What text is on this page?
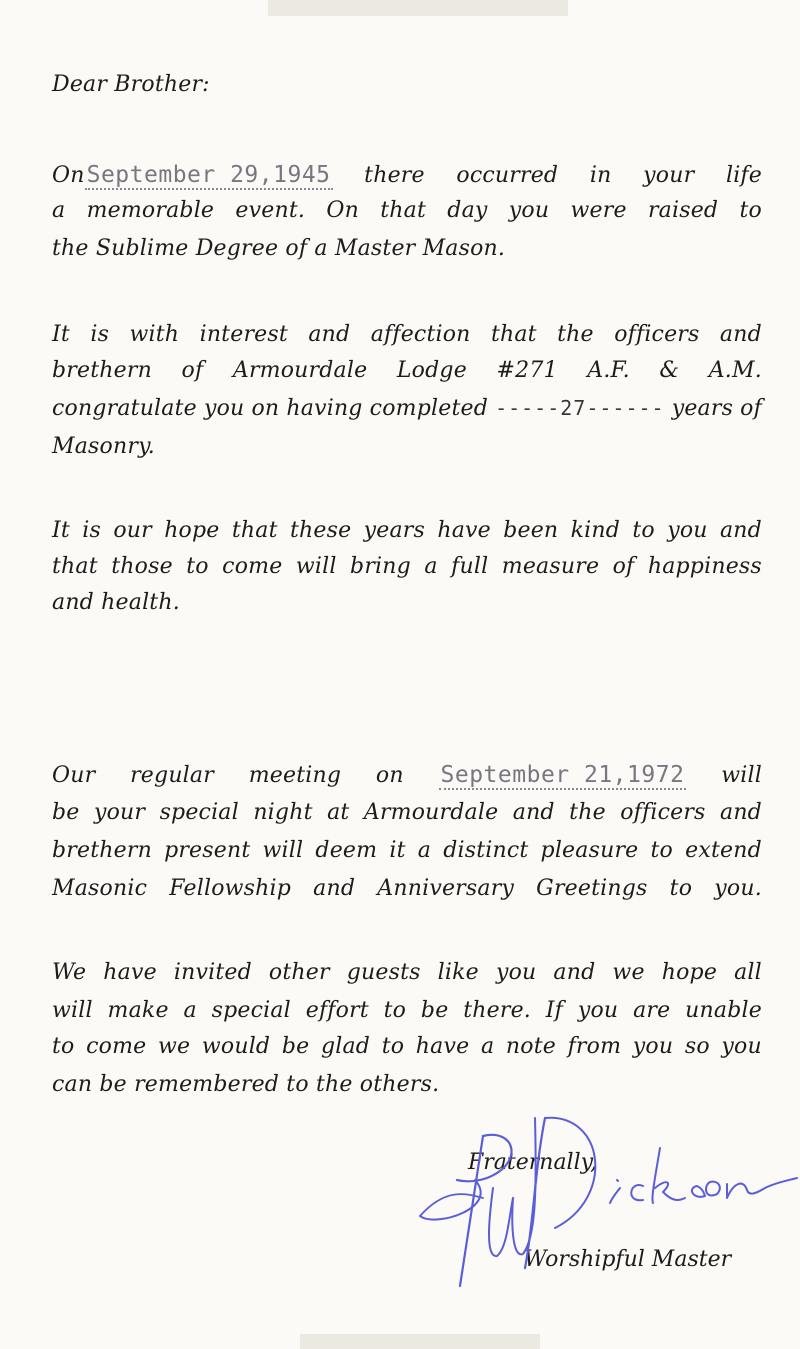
Dear Brother:
On September 29,1945 there occurred in your life
a memorable event. On that day you were raised to
the Sublime Degree of a Master Mason.
It is with interest and affection that the officers and
brethern of Armourdale Lodge #271 A.F. & A.M.
congratulate you on having completed -----27------ years of
Masonry.
It is our hope that these years have been kind to you and
that those to come will bring a full measure of happiness
and health.
Our regular meeting on September 21,1972 will
be your special night at Armourdale and the officers and
brethern present will deem it a distinct pleasure to extend
Masonic Fellowship and Anniversary Greetings to you.
We have invited other guests like you and we hope all
will make a special effort to be there. If you are unable
to come we would be glad to have a note from you so you
can be remembered to the others.
Fraternally,
Worshipful Master
